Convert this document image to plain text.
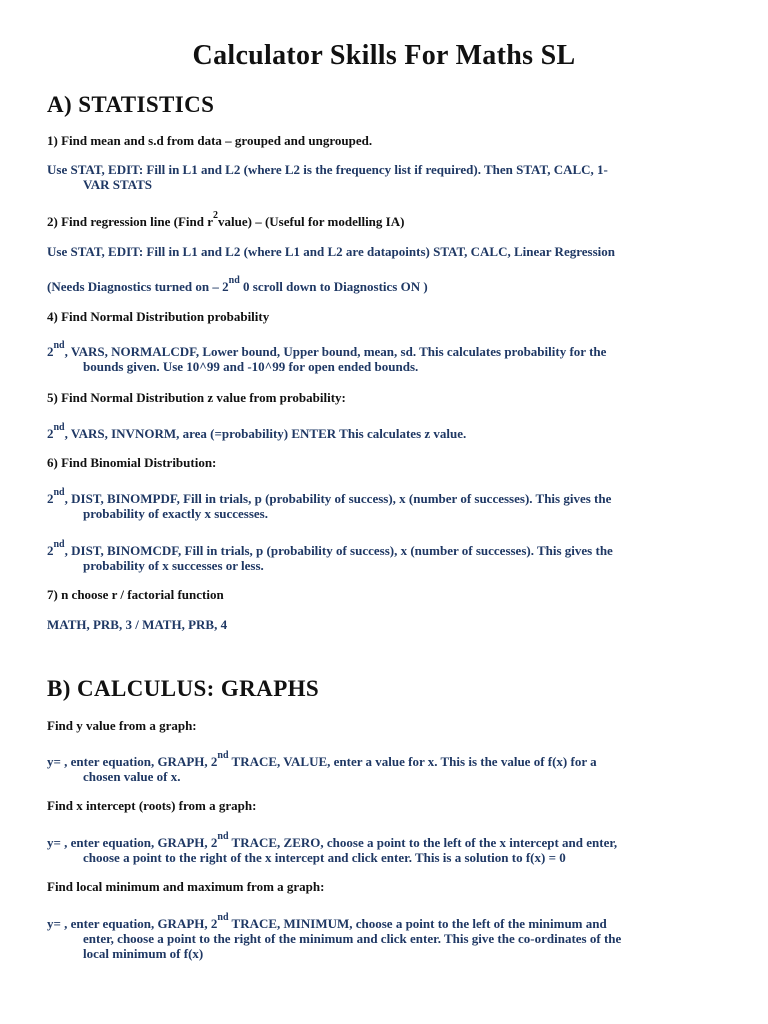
Calculator Skills For Maths SL
A) STATISTICS
1) Find mean and s.d from data – grouped and ungrouped.
Use STAT, EDIT: Fill in L1 and L2 (where L2 is the frequency list if required). Then STAT, CALC, 1-
VAR STATS
2) Find regression line (Find $r^2value$) – (Useful for modelling IA)
Use STAT, EDIT: Fill in L1 and L2 (where L1 and L2 are datapoints) STAT, CALC, Linear Regression
(Needs Diagnostics turned on – 2nd 0 scroll down to Diagnostics ON )
4) Find Normal Distribution probability
2nd, VARS, NORMALCDF, Lower bound, Upper bound, mean, sd. This calculates probability for the
bounds given. Use 10^99 and -10^99 for open ended bounds.
5) Find Normal Distribution z value from probability:
2nd, VARS, INVNORM, area (=probability) ENTER This calculates z value.
6) Find Binomial Distribution:
2nd, DIST, BINOMPDF, Fill in trials, p (probability of success), x (number of successes). This gives the
probability of exactly x successes.
2nd, DIST, BINOMCDF, Fill in trials, p (probability of success), x (number of successes). This gives the
probability of x successes or less.
7) n choose r / factorial function
MATH, PRB, 3 / MATH, PRB, 4
B) CALCULUS: GRAPHS
Find y value from a graph:
y= , enter equation, GRAPH, 2nd TRACE, VALUE, enter a value for x. This is the value of f(x) for a
chosen value of x.
Find x intercept (roots) from a graph:
y= , enter equation, GRAPH, 2nd TRACE, ZERO, choose a point to the left of the x intercept and enter,
choose a point to the right of the x intercept and click enter. This is a solution to f(x) = 0
Find local minimum and maximum from a graph:
y= , enter equation, GRAPH, 2nd TRACE, MINIMUM, choose a point to the left of the minimum and
enter, choose a point to the right of the minimum and click enter. This give the co-ordinates of the
local minimum of f(x)
